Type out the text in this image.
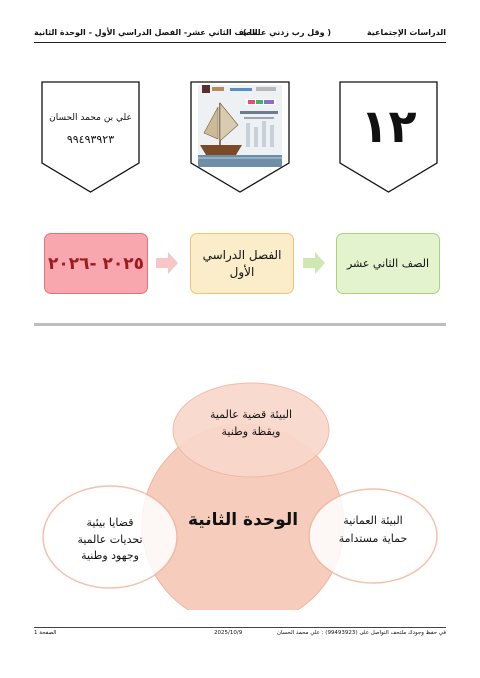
الدراسات الإجتماعية
( وقل رب زدني علما )
الصف الثاني عشر- الفصل الدراسي الأول - الوحدة الثانية
١٢
علي بن محمد الحسان
٩٩٤٩٣٩٢٣
الصف الثاني عشر
الفصل الدراسي
الأول
٢٠٢٥ -٢٠٢٦
البيئة قضية عالمية
ويقظة وطنية
الوحدة الثانية	البيئة العمانية
حماية مستدامة
قضايا بيئية
تحديات عالمية
وجهود وطنية
في حفظ وجودك ملتحف النواصل على (99493923) : علي محمد الحسان
2025/10/9
الصفحة 1
